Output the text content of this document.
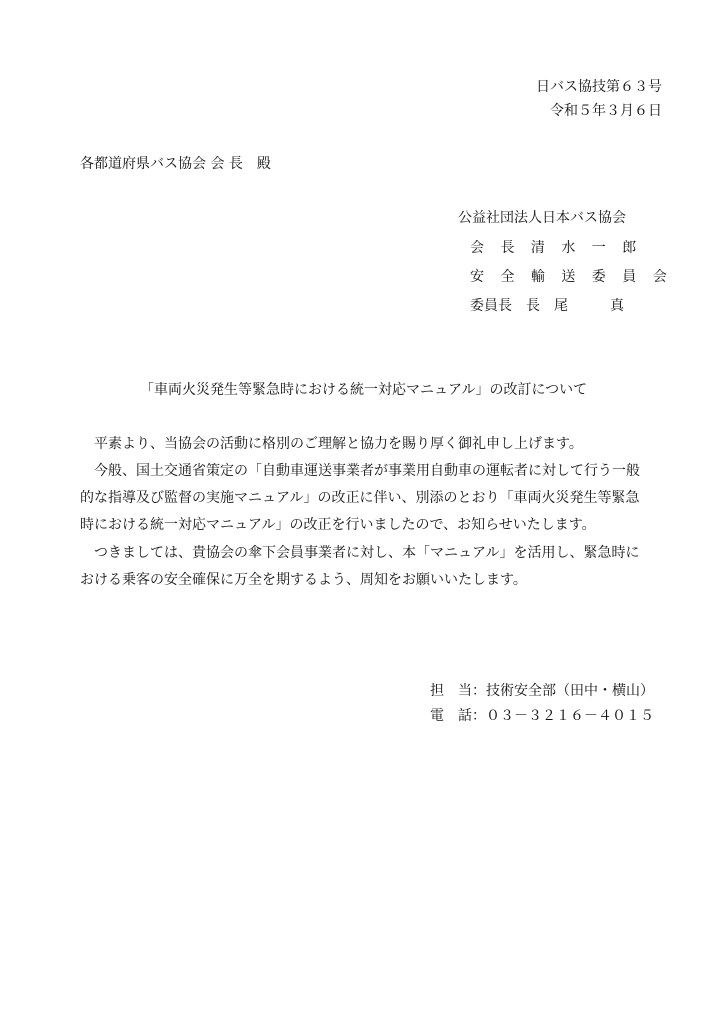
日バス協技第６３号
令和５年３月６日
各都道府県バス協会 会 長　殿
公益社団法人日本バス協会
会 長 清 水 一 郎
安 全 輸 送 委 員 会
委員長　長　尾　　　真
「車両火災発生等緊急時における統一対応マニュアル」の改訂について
　平素より、当協会の活動に格別のご理解と協力を賜り厚く御礼申し上げます。
　今般、国土交通省策定の「自動車運送事業者が事業用自動車の運転者に対して行う一般
的な指導及び監督の実施マニュアル」の改正に伴い、別添のとおり「車両火災発生等緊急
時における統一対応マニュアル」の改正を行いましたので、お知らせいたします。
　つきましては、貴協会の傘下会員事業者に対し、本「マニュアル」を活用し、緊急時に
おける乗客の安全確保に万全を期するよう、周知をお願いいたします。
担　当：技術安全部（田中・横山）
電　話：０３－３２１６－４０１５
